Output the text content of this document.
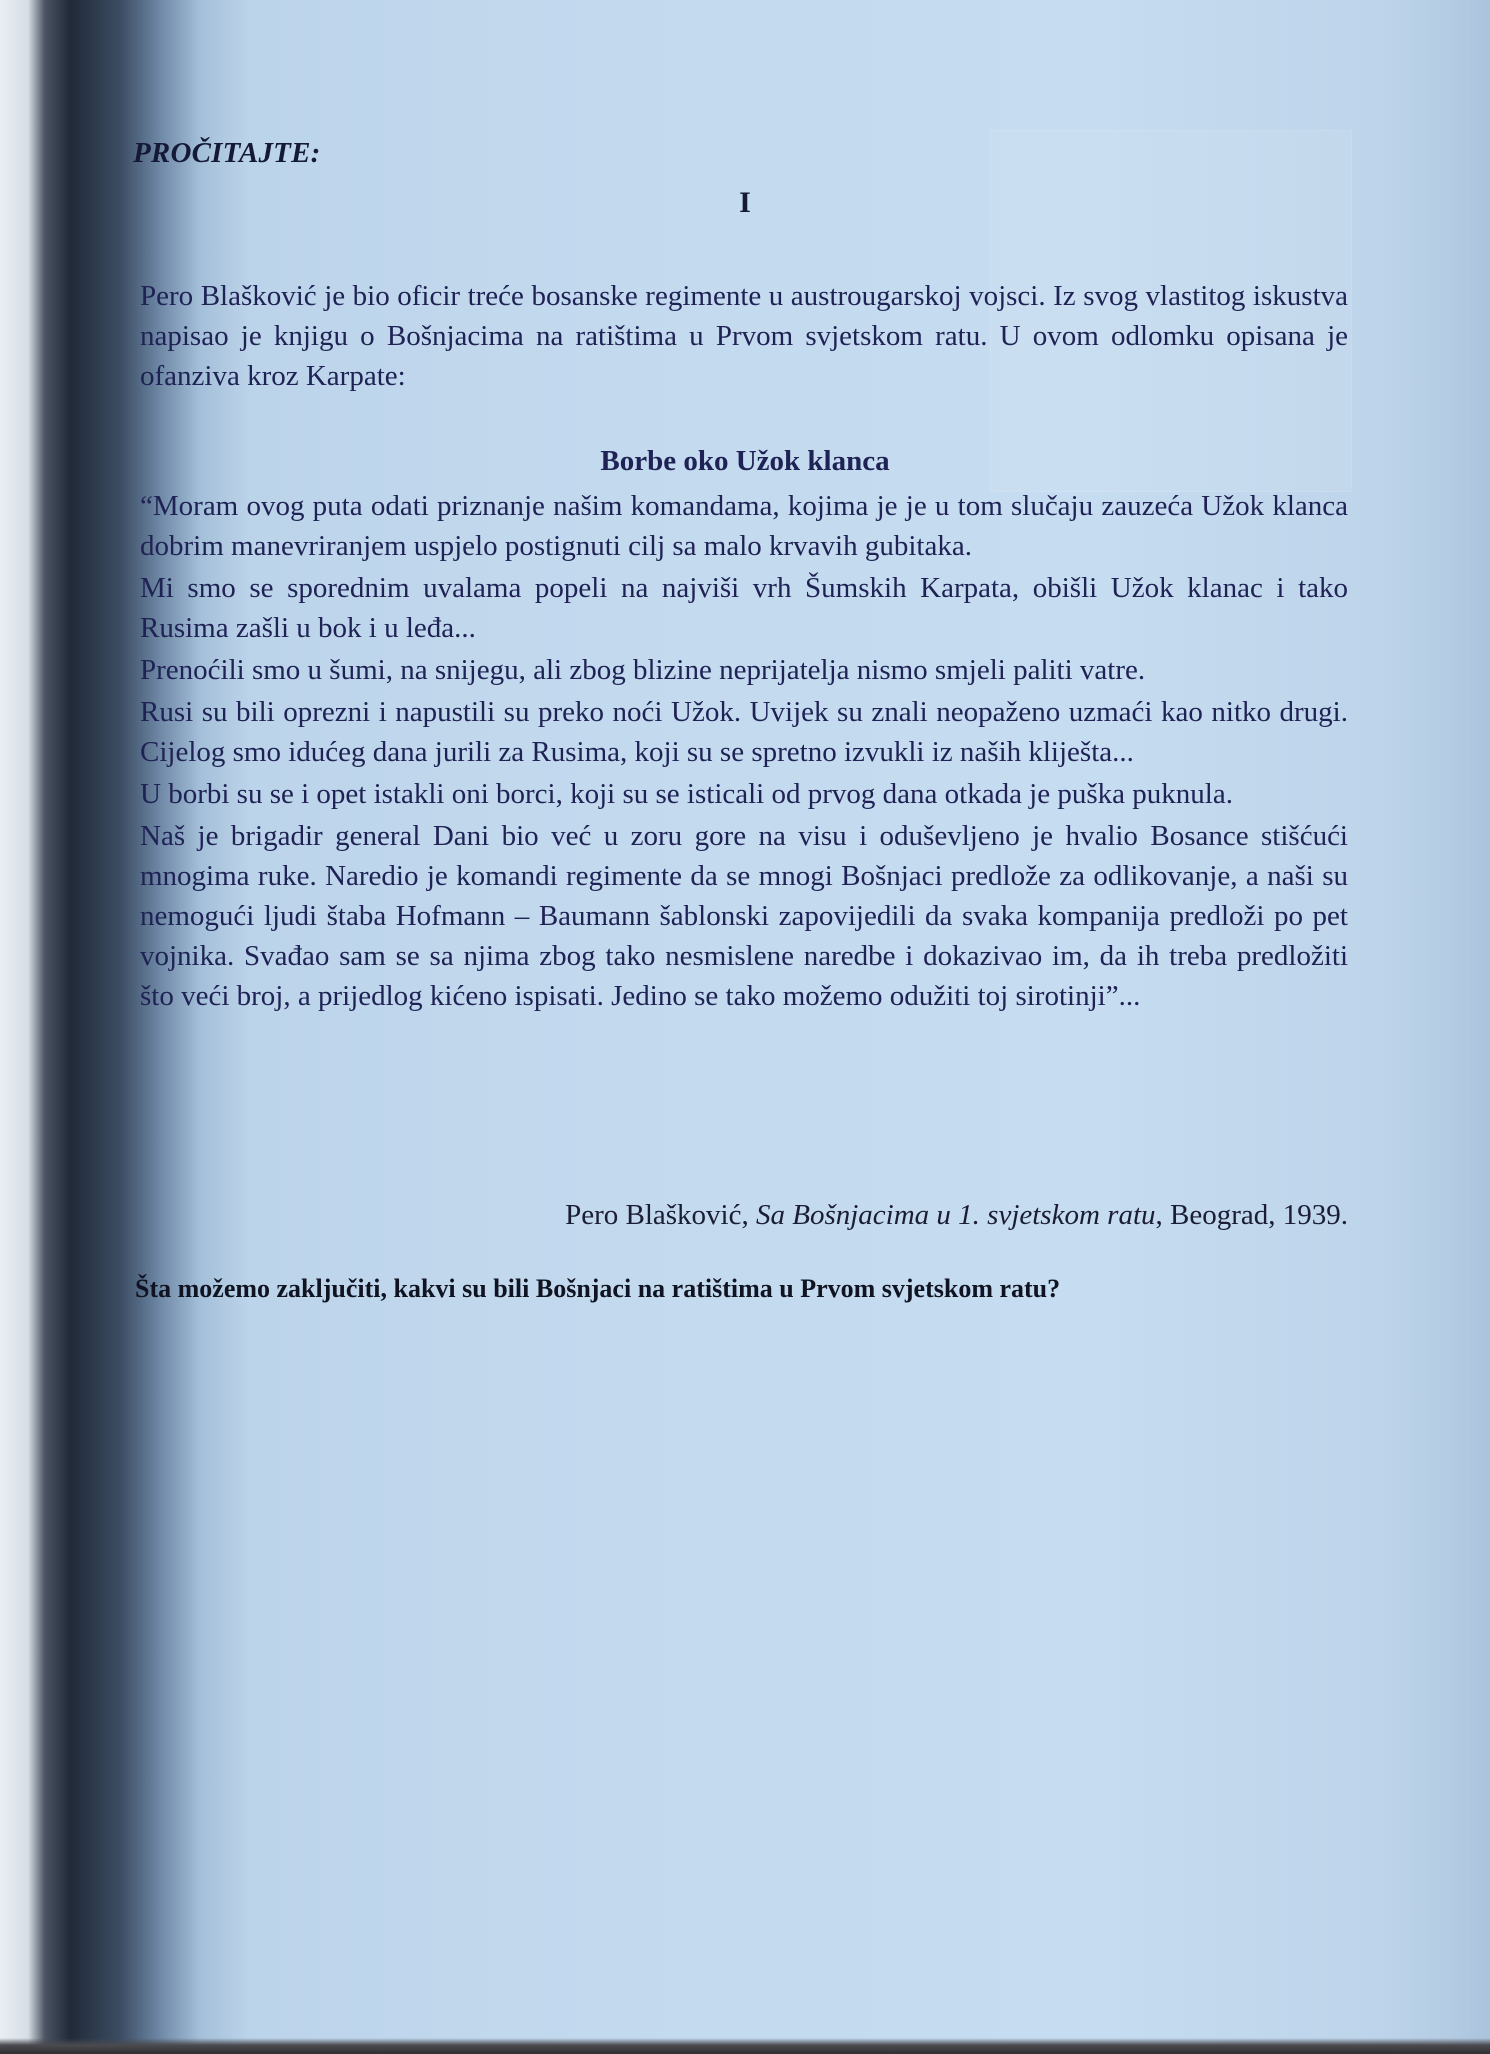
PROČITAJTE:
I
Pero Blašković je bio oficir treće bosanske regimente u austrougarskoj vojsci. Iz svog vlastitog iskustva napisao je knjigu o Bošnjacima na ratištima u Prvom svjetskom ratu. U ovom odlomku opisana je ofanziva kroz Karpate:
Borbe oko Užok klanca

“Moram ovog puta odati priznanje našim komandama, kojima je je u tom slučaju zauzeća Užok klanca dobrim manevriranjem uspjelo postignuti cilj sa malo krvavih gubitaka.

Mi smo se sporednim uvalama popeli na najviši vrh Šumskih Karpata, obišli Užok klanac i tako Rusima zašli u bok i u leđa...

Prenoćili smo u šumi, na snijegu, ali zbog blizine neprijatelja nismo smjeli paliti vatre.

Rusi su bili oprezni i napustili su preko noći Užok. Uvijek su znali neopaženo uzmaći kao nitko drugi. Cijelog smo idućeg dana jurili za Rusima, koji su se spretno izvukli iz naših kliješta...

U borbi su se i opet istakli oni borci, koji su se isticali od prvog dana otkada je puška puknula.

Naš je brigadir general Dani bio već u zoru gore na visu i oduševljeno je hvalio Bosance stišćući mnogima ruke. Naredio je komandi regimente da se mnogi Bošnjaci predlože za odlikovanje, a naši su nemogući ljudi štaba Hofmann – Baumann šablonski zapovijedili da svaka kompanija predloži po pet vojnika. Svađao sam se sa njima zbog tako nesmislene naredbe i dokazivao im, da ih treba predložiti što veći broj, a prijedlog kićeno ispisati. Jedino se tako možemo odužiti toj sirotinji”...

Pero Blašković, Sa Bošnjacima u 1. svjetskom ratu, Beograd, 1939.
Šta možemo zaključiti, kakvi su bili Bošnjaci na ratištima u Prvom svjetskom ratu?
